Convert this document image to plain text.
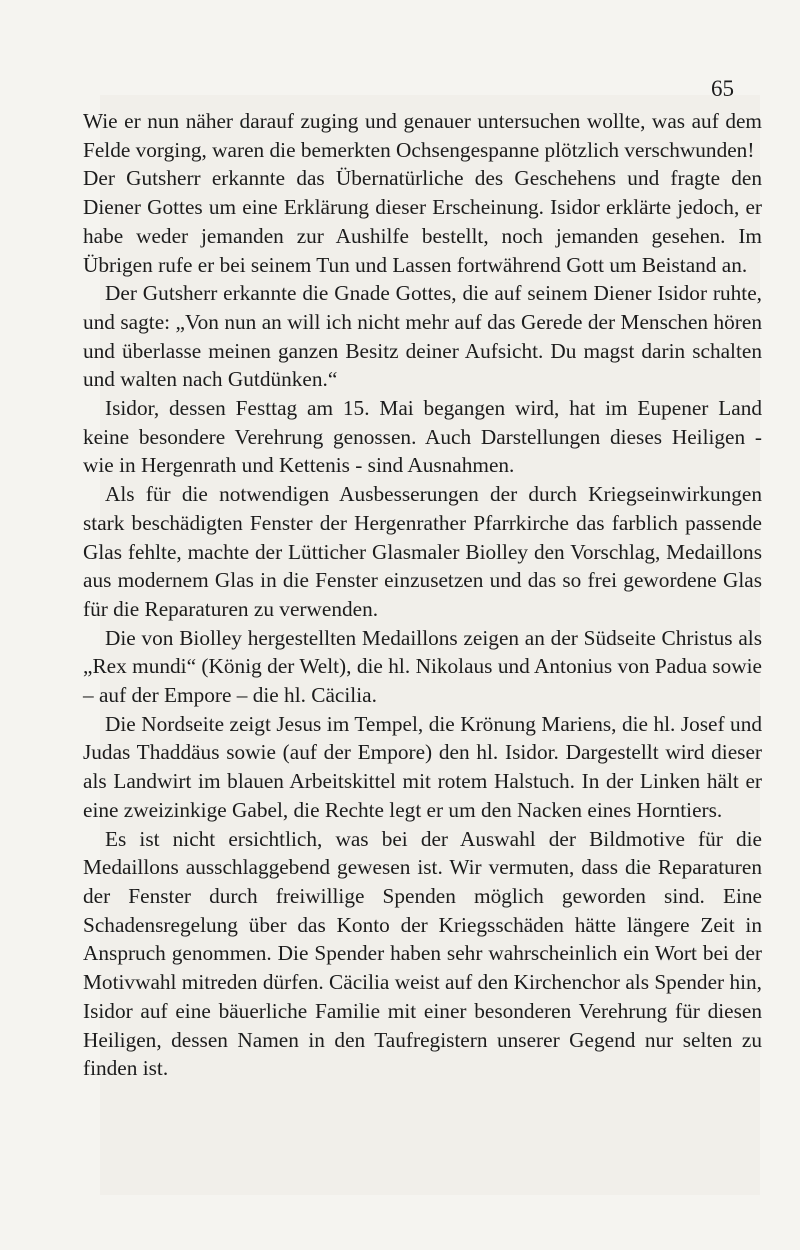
65

Wie er nun näher darauf zuging und genauer untersuchen wollte, was auf dem Felde vorging, waren die bemerkten Ochsengespanne plötzlich verschwunden!

Der Gutsherr erkannte das Übernatürliche des Geschehens und fragte den Diener Gottes um eine Erklärung dieser Erscheinung. Isidor erklärte jedoch, er habe weder jemanden zur Aushilfe bestellt, noch jemanden gesehen. Im Übrigen rufe er bei seinem Tun und Lassen fortwährend Gott um Beistand an.

Der Gutsherr erkannte die Gnade Gottes, die auf seinem Diener Isidor ruhte, und sagte: „Von nun an will ich nicht mehr auf das Gerede der Menschen hören und überlasse meinen ganzen Besitz deiner Aufsicht. Du magst darin schalten und walten nach Gutdünken.“

Isidor, dessen Festtag am 15. Mai begangen wird, hat im Eupener Land keine besondere Verehrung genossen. Auch Darstellungen dieses Heiligen - wie in Hergenrath und Kettenis - sind Ausnahmen.

Als für die notwendigen Ausbesserungen der durch Kriegseinwirkungen stark beschädigten Fenster der Hergenrather Pfarrkirche das farblich passende Glas fehlte, machte der Lütticher Glasmaler Biolley den Vorschlag, Medaillons aus modernem Glas in die Fenster einzusetzen und das so frei gewordene Glas für die Reparaturen zu verwenden.

Die von Biolley hergestellten Medaillons zeigen an der Südseite Christus als „Rex mundi“ (König der Welt), die hl. Nikolaus und Antonius von Padua sowie – auf der Empore – die hl. Cäcilia.

Die Nordseite zeigt Jesus im Tempel, die Krönung Mariens, die hl. Josef und Judas Thaddäus sowie (auf der Empore) den hl. Isidor. Dargestellt wird dieser als Landwirt im blauen Arbeitskittel mit rotem Halstuch. In der Linken hält er eine zweizinkige Gabel, die Rechte legt er um den Nacken eines Horntiers.

Es ist nicht ersichtlich, was bei der Auswahl der Bildmotive für die Medaillons ausschlaggebend gewesen ist. Wir vermuten, dass die Reparaturen der Fenster durch freiwillige Spenden möglich geworden sind. Eine Schadensregelung über das Konto der Kriegsschäden hätte längere Zeit in Anspruch genommen. Die Spender haben sehr wahrscheinlich ein Wort bei der Motivwahl mitreden dürfen. Cäcilia weist auf den Kirchenchor als Spender hin, Isidor auf eine bäuerliche Familie mit einer besonderen Verehrung für diesen Heiligen, dessen Namen in den Taufregistern unserer Gegend nur selten zu finden ist.
